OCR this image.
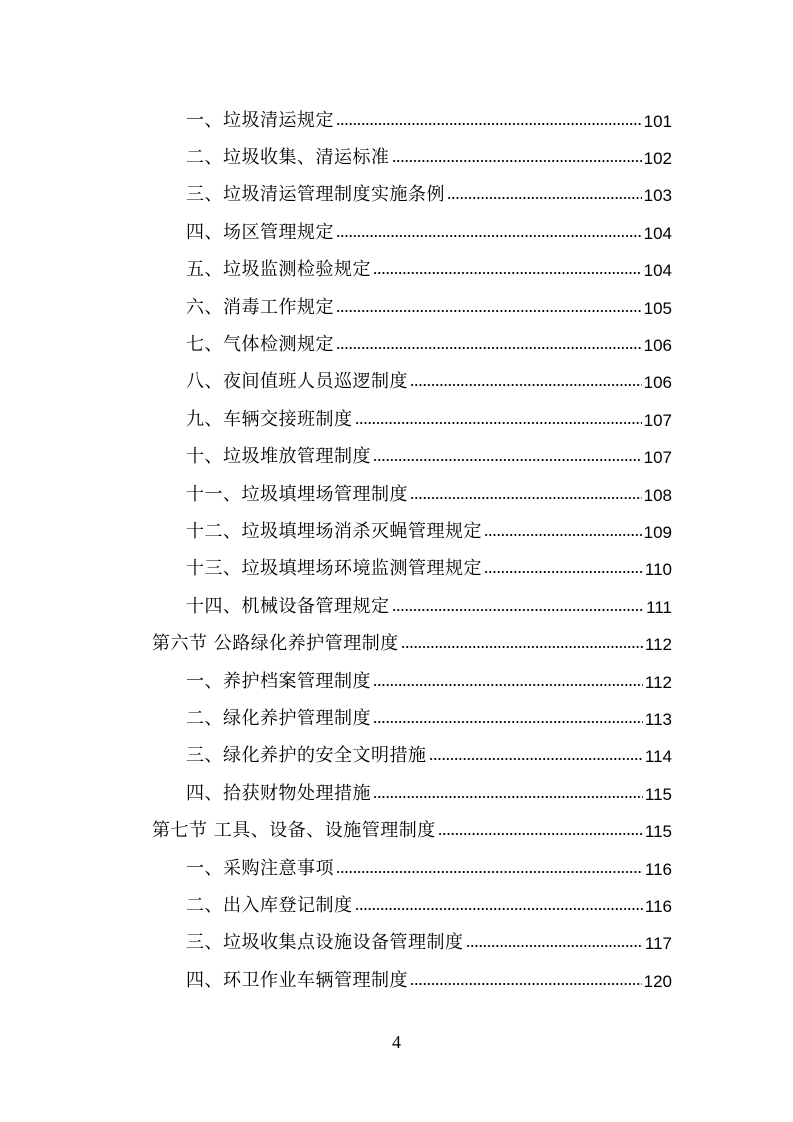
一、垃圾清运规定	101
二、垃圾收集、清运标准	102
三、垃圾清运管理制度实施条例	103
四、场区管理规定	104
五、垃圾监测检验规定	104
六、消毒工作规定	105
七、气体检测规定	106
八、夜间值班人员巡逻制度	106
九、车辆交接班制度	107
十、垃圾堆放管理制度	107
十一、垃圾填埋场管理制度	108
十二、垃圾填埋场消杀灭蝇管理规定	109
十三、垃圾填埋场环境监测管理规定	110
十四、机械设备管理规定	111
第六节 公路绿化养护管理制度	112
一、养护档案管理制度	112
二、绿化养护管理制度	113
三、绿化养护的安全文明措施	114
四、拾获财物处理措施	115
第七节 工具、设备、设施管理制度	115
一、采购注意事项	116
二、出入库登记制度	116
三、垃圾收集点设施设备管理制度	117
四、环卫作业车辆管理制度	120
4
